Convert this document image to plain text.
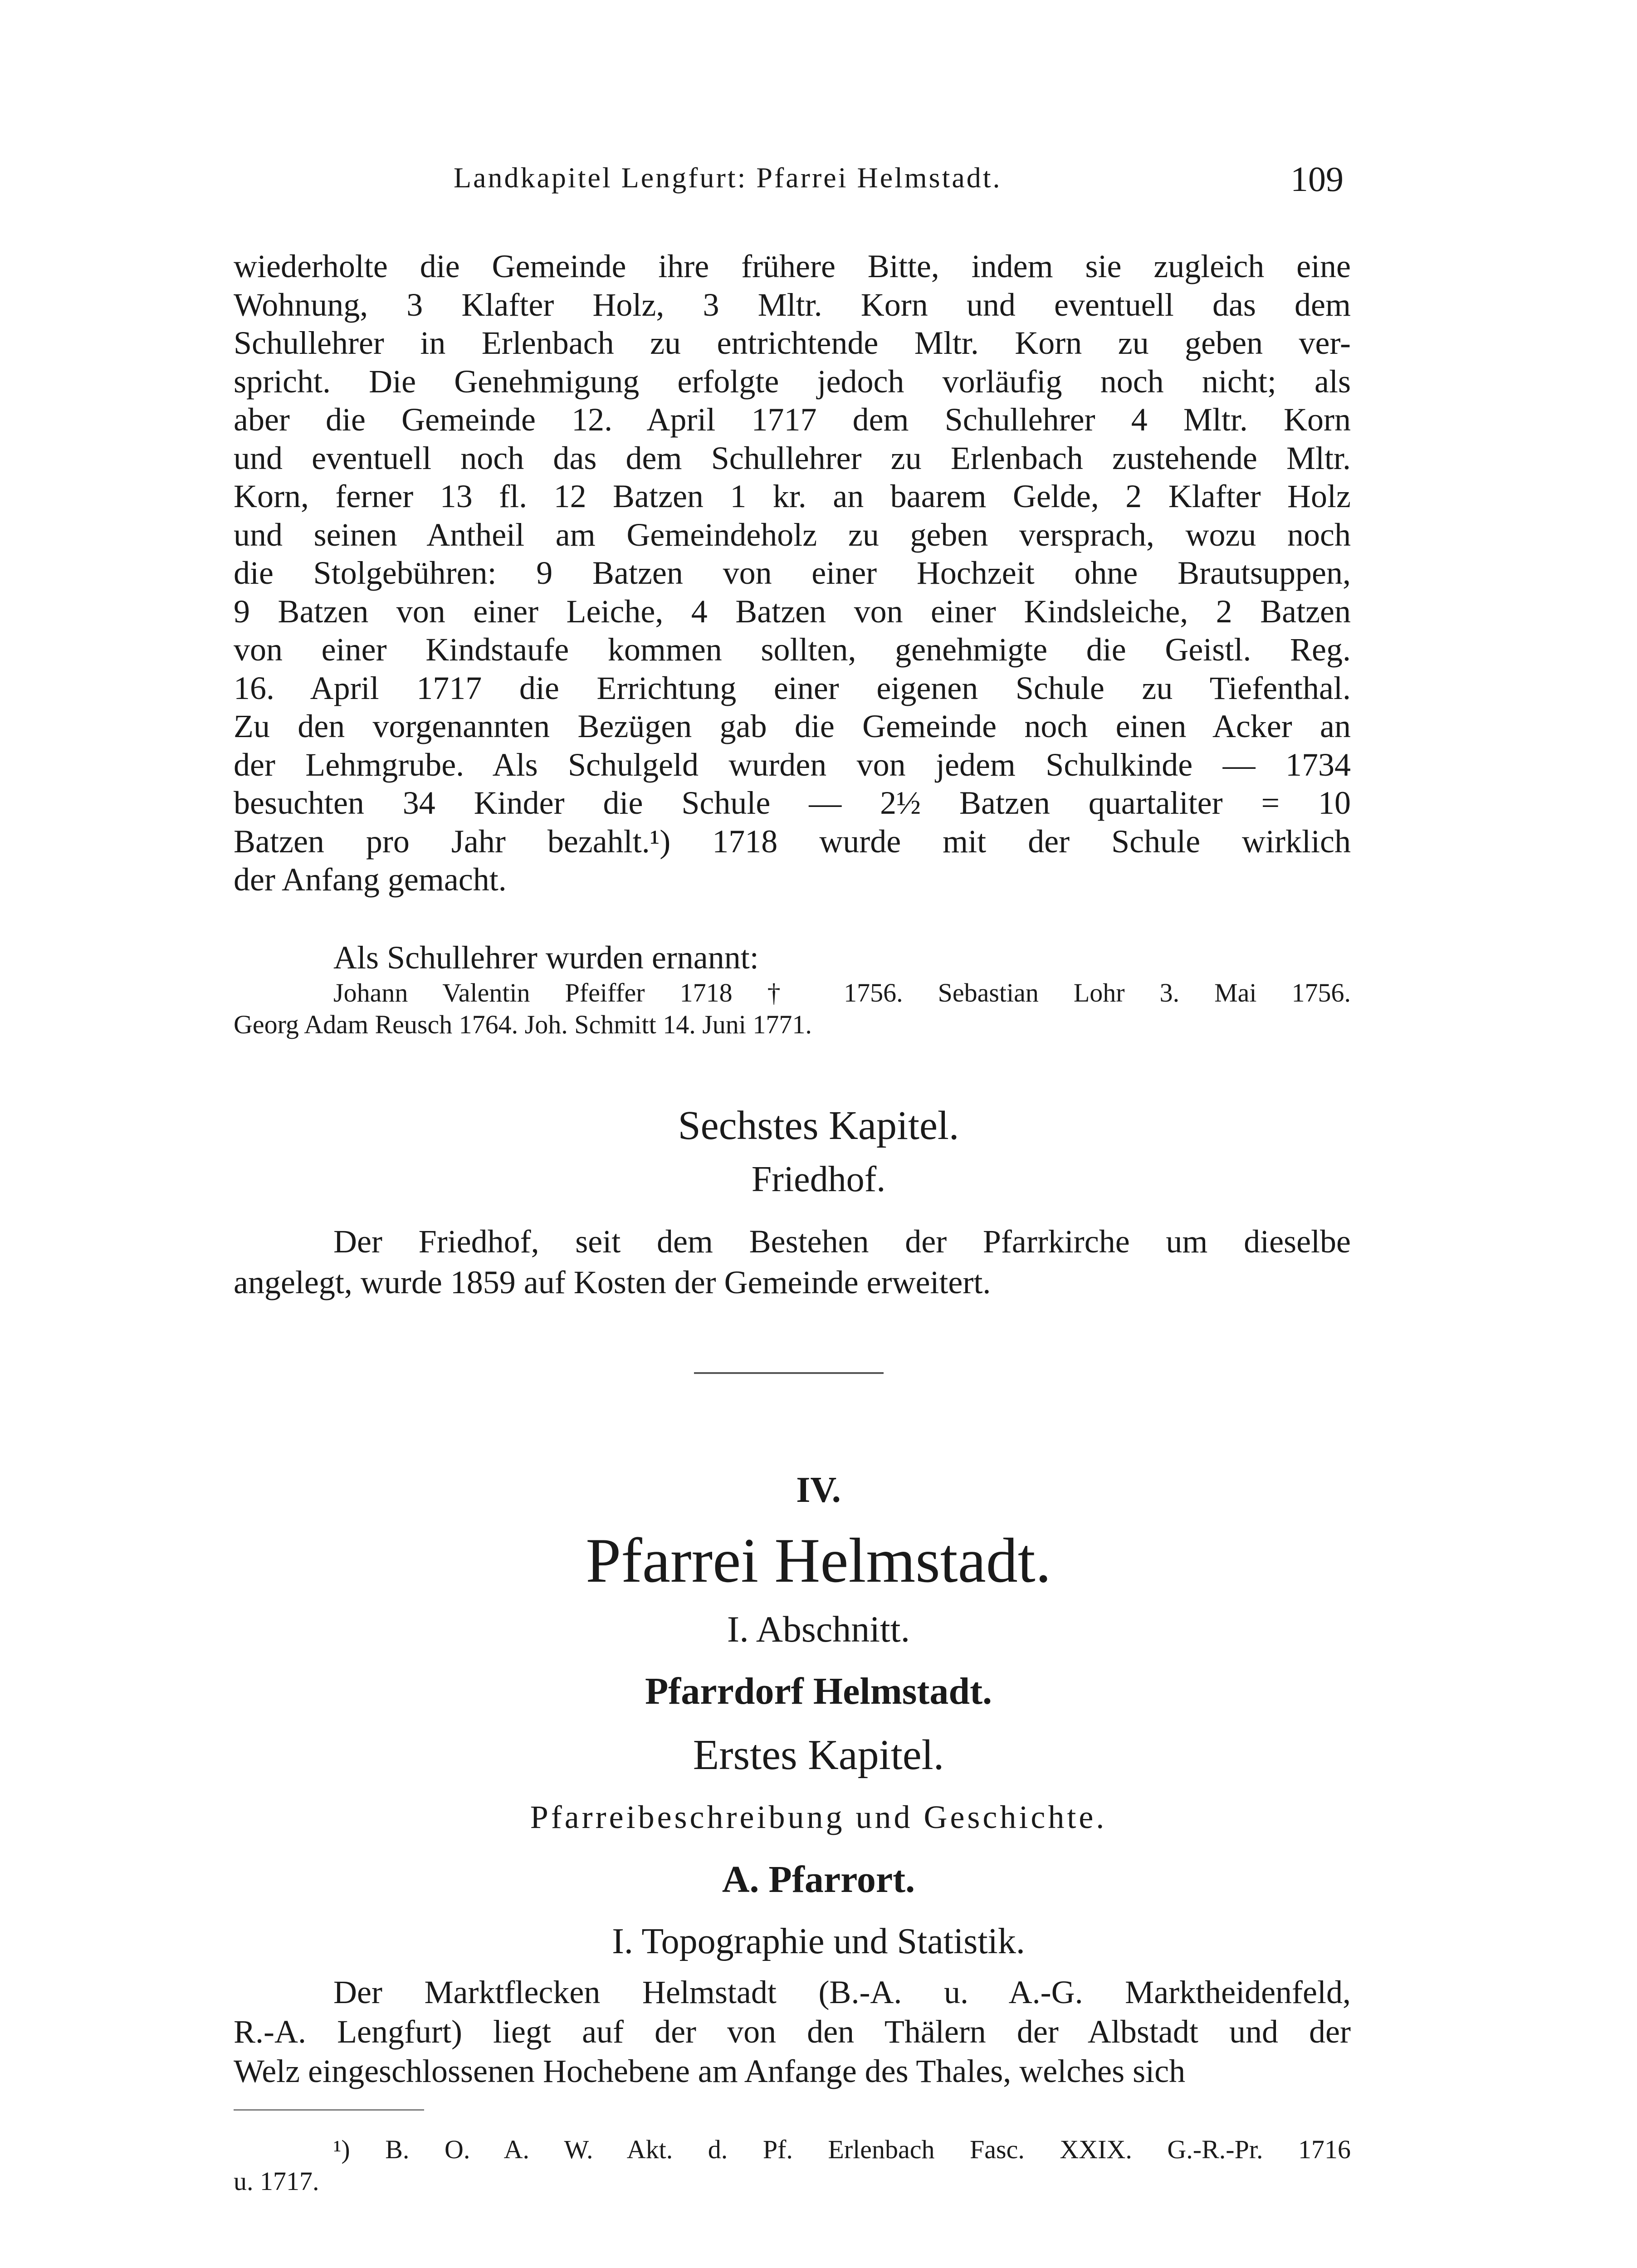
Landkapitel Lengfurt: Pfarrei Helmstadt.	109
wiederholte die Gemeinde ihre frühere Bitte, indem sie zugleich eine
Wohnung, 3 Klafter Holz, 3 Mltr. Korn und eventuell das dem
Schullehrer in Erlenbach zu entrichtende Mltr. Korn zu geben ver-
spricht. Die Genehmigung erfolgte jedoch vorläufig noch nicht; als
aber die Gemeinde 12. April 1717 dem Schullehrer 4 Mltr. Korn
und eventuell noch das dem Schullehrer zu Erlenbach zustehende Mltr.
Korn, ferner 13 fl. 12 Batzen 1 kr. an baarem Gelde, 2 Klafter Holz
und seinen Antheil am Gemeindeholz zu geben versprach, wozu noch
die Stolgebühren: 9 Batzen von einer Hochzeit ohne Brautsuppen,
9 Batzen von einer Leiche, 4 Batzen von einer Kindsleiche, 2 Batzen
von einer Kindstaufe kommen sollten, genehmigte die Geistl. Reg.
16. April 1717 die Errichtung einer eigenen Schule zu Tiefenthal.
Zu den vorgenannten Bezügen gab die Gemeinde noch einen Acker an
der Lehmgrube. Als Schulgeld wurden von jedem Schulkinde — 1734
besuchten 34 Kinder die Schule — 2½ Batzen quartaliter = 10
Batzen pro Jahr bezahlt.¹) 1718 wurde mit der Schule wirklich
der Anfang gemacht.
Als Schullehrer wurden ernannt:
Johann Valentin Pfeiffer 1718 † 1756. Sebastian Lohr 3. Mai 1756.
Georg Adam Reusch 1764. Joh. Schmitt 14. Juni 1771.
Sechstes Kapitel.
Friedhof.
Der Friedhof, seit dem Bestehen der Pfarrkirche um dieselbe
angelegt, wurde 1859 auf Kosten der Gemeinde erweitert.
IV.
Pfarrei Helmstadt.
I. Abschnitt.
Pfarrdorf Helmstadt.
Erstes Kapitel.
Pfarreibeschreibung und Geschichte.
A. Pfarrort.
I. Topographie und Statistik.
Der Marktflecken Helmstadt (B.-A. u. A.-G. Marktheidenfeld,
R.-A. Lengfurt) liegt auf der von den Thälern der Albstadt und der
Welz eingeschlossenen Hochebene am Anfange des Thales, welches sich
¹) B. O. A. W. Akt. d. Pf. Erlenbach Fasc. XXIX. G.-R.-Pr. 1716
u. 1717.
